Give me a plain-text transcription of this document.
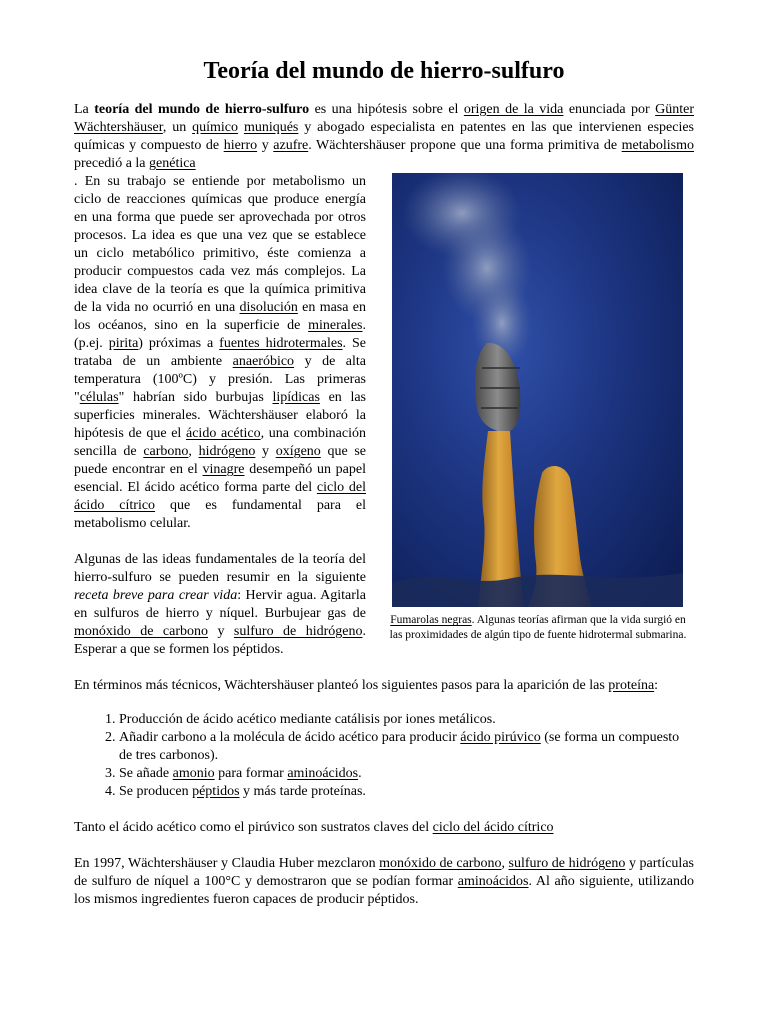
Teoría del mundo de hierro-sulfuro

La teoría del mundo de hierro-sulfuro es una hipótesis sobre el origen de la vida enunciada por Günter Wächtershäuser, un químico muniqués y abogado especialista en patentes en las que intervienen especies químicas y compuesto de hierro y azufre. Wächtershäuser propone que una forma primitiva de metabolismo precedió a la genética

Fumarolas negras. Algunas teorías afirman que la vida surgió en las proximidades de algún tipo de fuente hidrotermal submarina.

. En su trabajo se entiende por metabolismo un ciclo de reacciones químicas que produce energía en una forma que puede ser aprovechada por otros procesos. La idea es que una vez que se establece un ciclo metabólico primitivo, éste comienza a producir compuestos cada vez más complejos. La idea clave de la teoría es que la química primitiva de la vida no ocurrió en una disolución en masa en los océanos, sino en la superficie de minerales. (p.ej. pirita) próximas a fuentes hidrotermales. Se trataba de un ambiente anaeróbico y de alta temperatura (100ºC) y presión. Las primeras "células" habrían sido burbujas lipídicas en las superficies minerales. Wächtershäuser elaboró la hipótesis de que el ácido acético, una combinación sencilla de carbono, hidrógeno y oxígeno que se puede encontrar en el vinagre desempeñó un papel esencial. El ácido acético forma parte del ciclo del ácido cítrico que es fundamental para el metabolismo celular.

Algunas de las ideas fundamentales de la teoría del hierro-sulfuro se pueden resumir en la siguiente receta breve para crear vida: Hervir agua. Agitarla en sulfuros de hierro y níquel. Burbujear gas de monóxido de carbono y sulfuro de hidrógeno. Esperar a que se formen los péptidos.

En términos más técnicos, Wächtershäuser planteó los siguientes pasos para la aparición de las proteína:

1. Producción de ácido acético mediante catálisis por iones metálicos.
2. Añadir carbono a la molécula de ácido acético para producir ácido pirúvico (se forma un compuesto de tres carbonos).
3. Se añade amonio para formar aminoácidos.
4. Se producen péptidos y más tarde proteínas.

Tanto el ácido acético como el pirúvico son sustratos claves del ciclo del ácido cítrico

En 1997, Wächtershäuser y Claudia Huber mezclaron monóxido de carbono, sulfuro de hidrógeno y partículas de sulfuro de níquel a 100°C y demostraron que se podían formar aminoácidos. Al año siguiente, utilizando los mismos ingredientes fueron capaces de producir péptidos.
